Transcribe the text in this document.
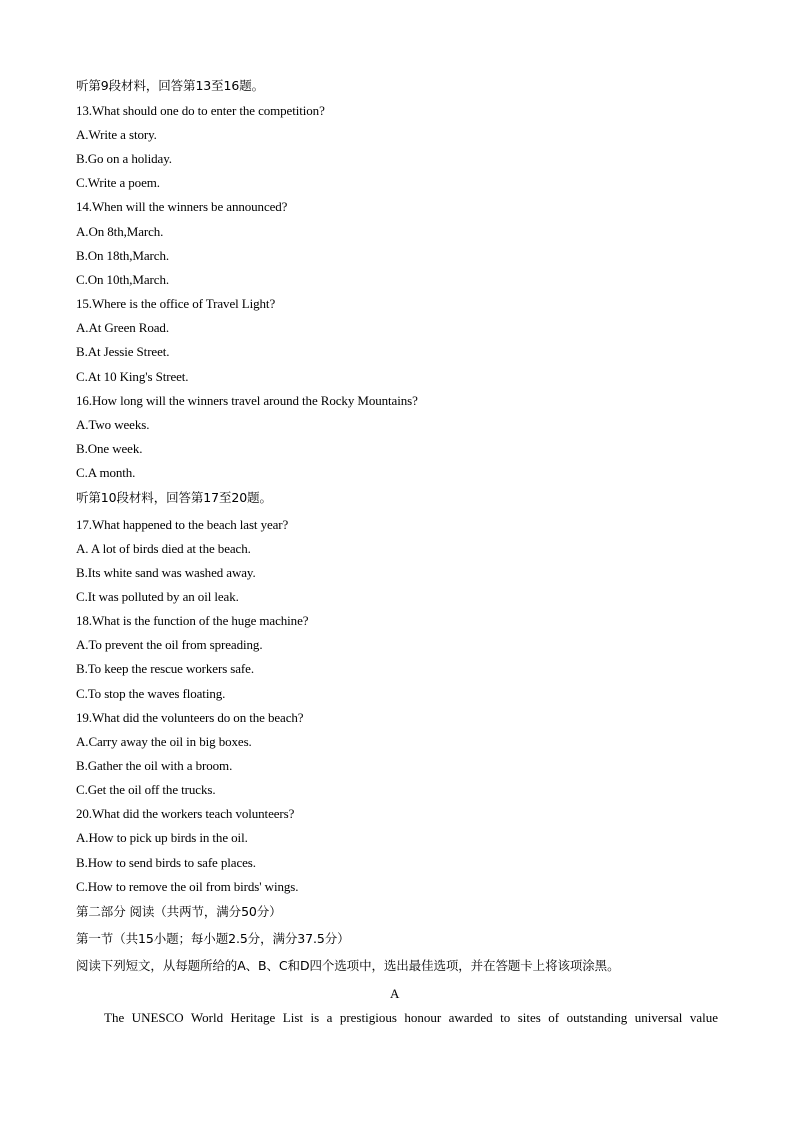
听第9段材料，回答第13至16题。
13.What should one do to enter the competition?
A.Write a story.
B.Go on a holiday.
C.Write a poem.
14.When will the winners be announced?
A.On 8th,March.
B.On 18th,March.
C.On 10th,March.
15.Where is the office of Travel Light?
A.At Green Road.
B.At Jessie Street.
C.At 10 King's Street.
16.How long will the winners travel around the Rocky Mountains?
A.Two weeks.
B.One week.
C.A month.
听第10段材料，回答第17至20题。
17.What happened to the beach last year?
A. A lot of birds died at the beach.
B.Its white sand was washed away.
C.It was polluted by an oil leak.
18.What is the function of the huge machine?
A.To prevent the oil from spreading.
B.To keep the rescue workers safe.
C.To stop the waves floating.
19.What did the volunteers do on the beach?
A.Carry away the oil in big boxes.
B.Gather the oil with a broom.
C.Get the oil off the trucks.
20.What did the workers teach volunteers?
A.How to pick up birds in the oil.
B.How to send birds to safe places.
C.How to remove the oil from birds' wings.
第二部分 阅读（共两节，满分50分）
第一节（共15小题；每小题2.5分，满分37.5分）
阅读下列短文，从每题所给的A、B、C和D四个选项中，选出最佳选项，并在答题卡上将该项涂黑。
A
The UNESCO World Heritage List is a prestigious honour awarded to sites of outstanding universal value
